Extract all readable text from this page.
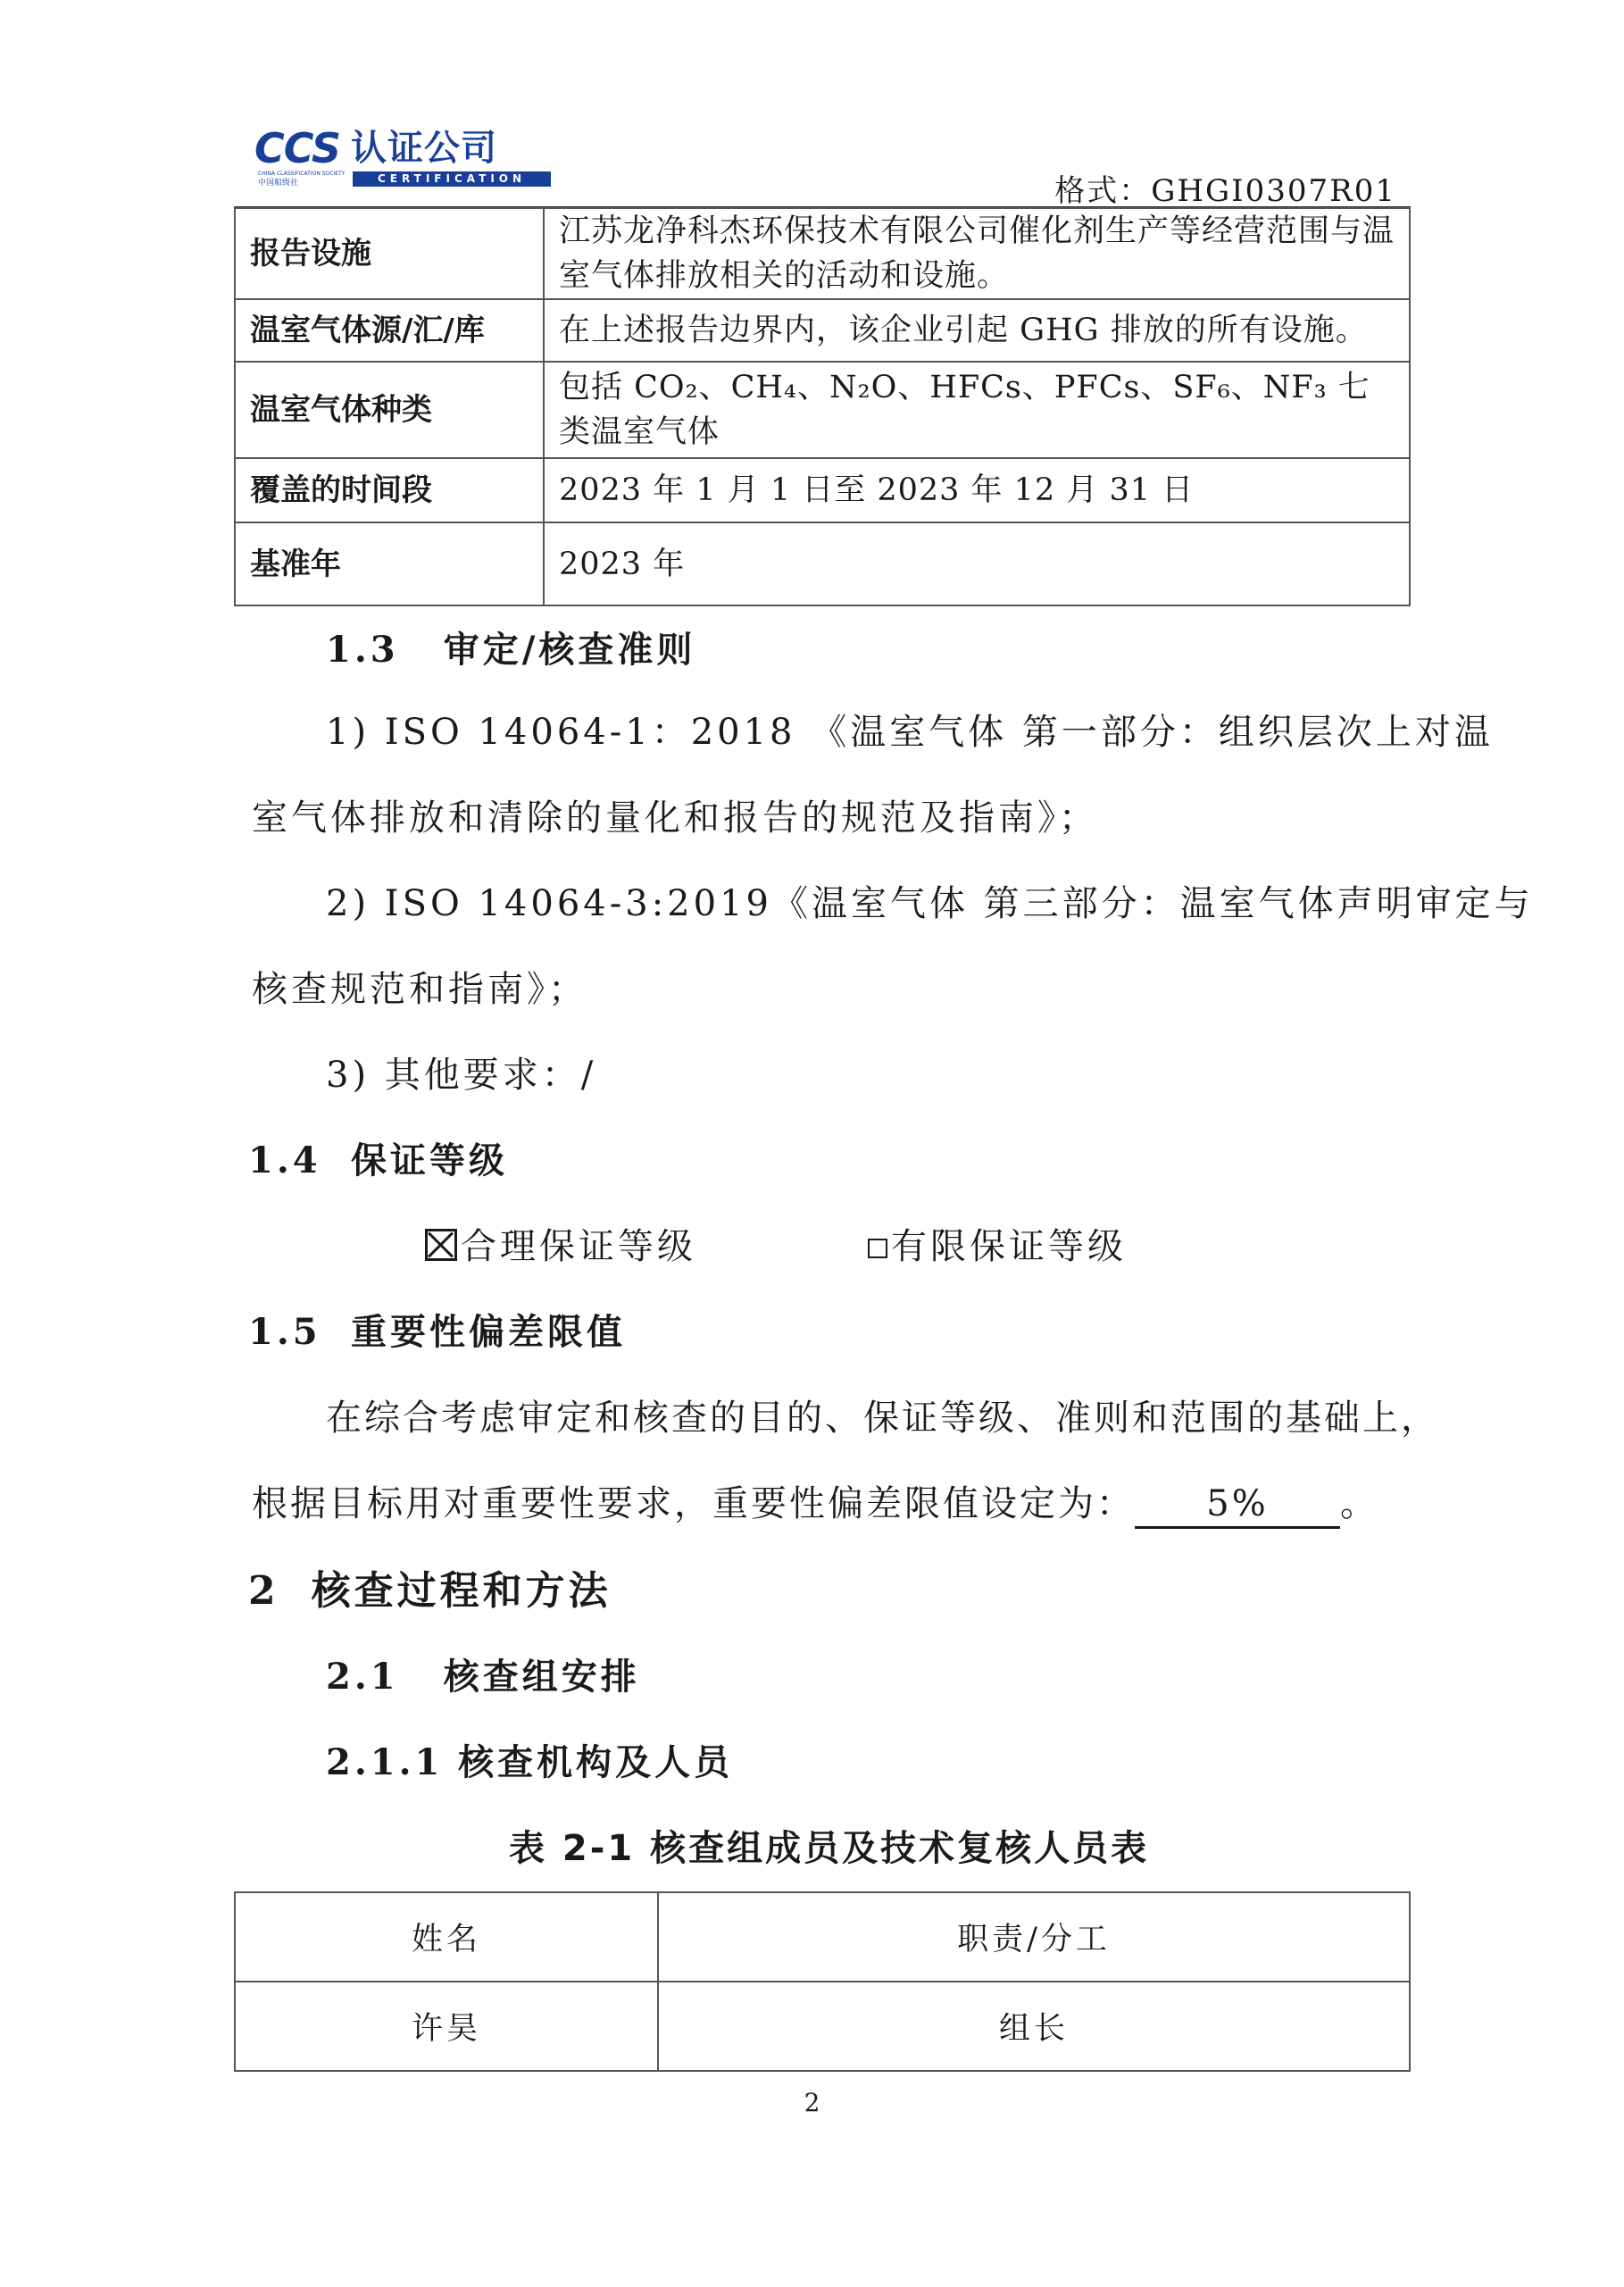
CCS 认证公司
CHINA CLASSIFICATION SOCIETY
中国船级社	CERTIFICATION	格式：GHGI0307R01
报告设施	江苏龙净科杰环保技术有限公司催化剂生产等经营范围与温室气体排放相关的活动和设施。
温室气体源/汇/库	在上述报告边界内，该企业引起 GHG 排放的所有设施。
温室气体种类	包括 CO₂、CH₄、N₂O、HFCs、PFCs、SF₆、NF₃ 七类温室气体
覆盖的时间段	2023 年 1 月 1 日至 2023 年 12 月 31 日
基准年	2023 年
1.3 审定/核查准则
1) ISO 14064-1：2018 《温室气体 第一部分：组织层次上对温
室气体排放和清除的量化和报告的规范及指南》；
2) ISO 14064-3:2019《温室气体 第三部分：温室气体声明审定与
核查规范和指南》；
3) 其他要求：/
1.4 保证等级
合理保证等级	有限保证等级
1.5 重要性偏差限值
在综合考虑审定和核查的目的、保证等级、准则和范围的基础上，
根据目标用对重要性要求，重要性偏差限值设定为： 5% 。
2 核查过程和方法
2.1 核查组安排
2.1.1 核查机构及人员
表 2-1 核查组成员及技术复核人员表
姓名	职责/分工
许昊	组长
2
